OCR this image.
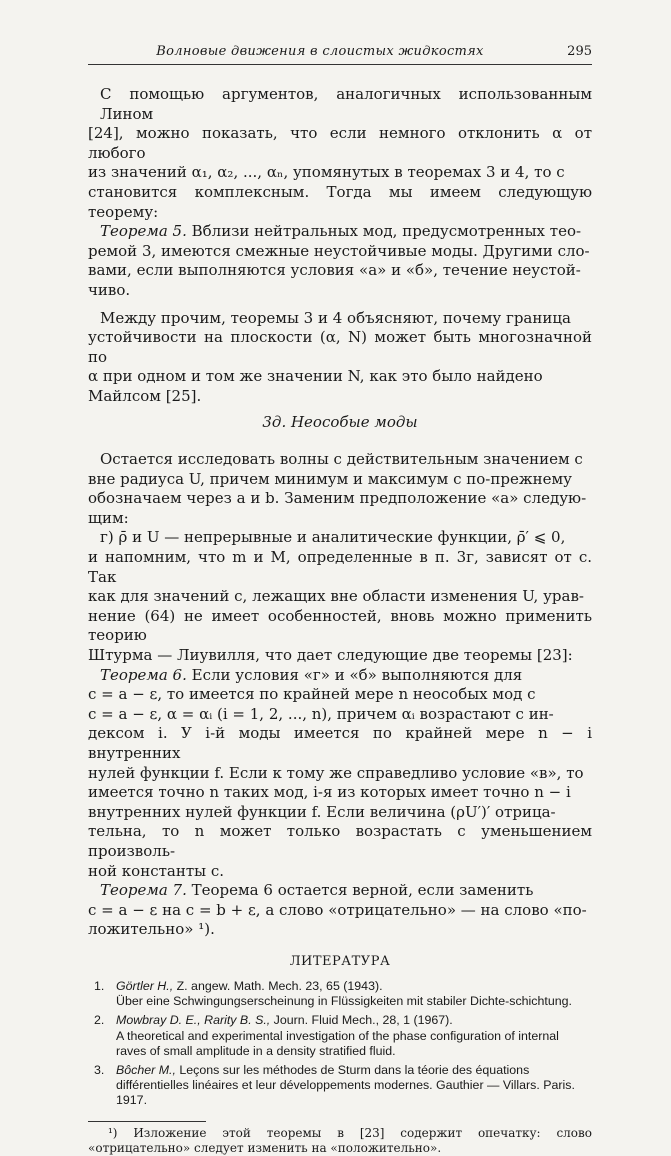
Волновые движения в слоистых жидкостях	295
С помощью аргументов, аналогичных использованным Лином
[24], можно показать, что если немного отклонить α от любого
из значений α₁, α₂, ..., αₙ, упомянутых в теоремах 3 и 4, то c
становится комплексным. Тогда мы имеем следующую теорему:
Теорема 5. Вблизи нейтральных мод, предусмотренных тео-
ремой 3, имеются смежные неустойчивые моды. Другими сло-
вами, если выполняются условия «а» и «б», течение неустой-
чиво.
Между прочим, теоремы 3 и 4 объясняют, почему граница
устойчивости на плоскости (α, N) может быть многозначной по
α при одном и том же значении N, как это было найдено
Майлсом [25].
3д. Неособые моды
Остается исследовать волны с действительным значением c
вне радиуса U, причем минимум и максимум c по-прежнему
обозначаем через a и b. Заменим предположение «а» следую-
щим:
г) ρ̄ и U — непрерывные и аналитические функции, ρ̄′ ⩽ 0,
и напомним, что m и M, определенные в п. 3г, зависят от c. Так
как для значений c, лежащих вне области изменения U, урав-
нение (64) не имеет особенностей, вновь можно применить теорию
Штурма — Лиувилля, что дает следующие две теоремы [23]:
Теорема 6. Если условия «г» и «б» выполняются для
c = a − ε, то имеется по крайней мере n неособых мод с
c = a − ε, α = αᵢ (i = 1, 2, ..., n), причем αᵢ возрастают с ин-
дексом i. У i-й моды имеется по крайней мере n − i внутренних
нулей функции f. Если к тому же справедливо условие «в», то
имеется точно n таких мод, i-я из которых имеет точно n − i
внутренних нулей функции f. Если величина (ρU′)′ отрица-
тельна, то n может только возрастать с уменьшением произволь-
ной константы c.
Теорема 7. Теорема 6 остается верной, если заменить
c = a − ε на c = b + ε, а слово «отрицательно» — на слово «по-
ложительно» ¹).
ЛИТЕРАТУРА
1. Görtler H., Z. angew. Math. Mech. 23, 65 (1943).
Über eine Schwingungserscheinung in Flüssigkeiten mit stabiler Dichte-schichtung.
2. Mowbray D. E., Rarity B. S., Journ. Fluid Mech., 28, 1 (1967).
A theoretical and experimental investigation of the phase configuration of internal raves of small amplitude in a density stratified fluid.
3. Bôcher M., Leçons sur les méthodes de Sturm dans la téorie des équations différentielles linéaires et leur développements modernes. Gauthier — Villars. Paris. 1917.
¹) Изложение этой теоремы в [23] содержит опечатку: слово «отрицательно» следует изменить на «положительно».
